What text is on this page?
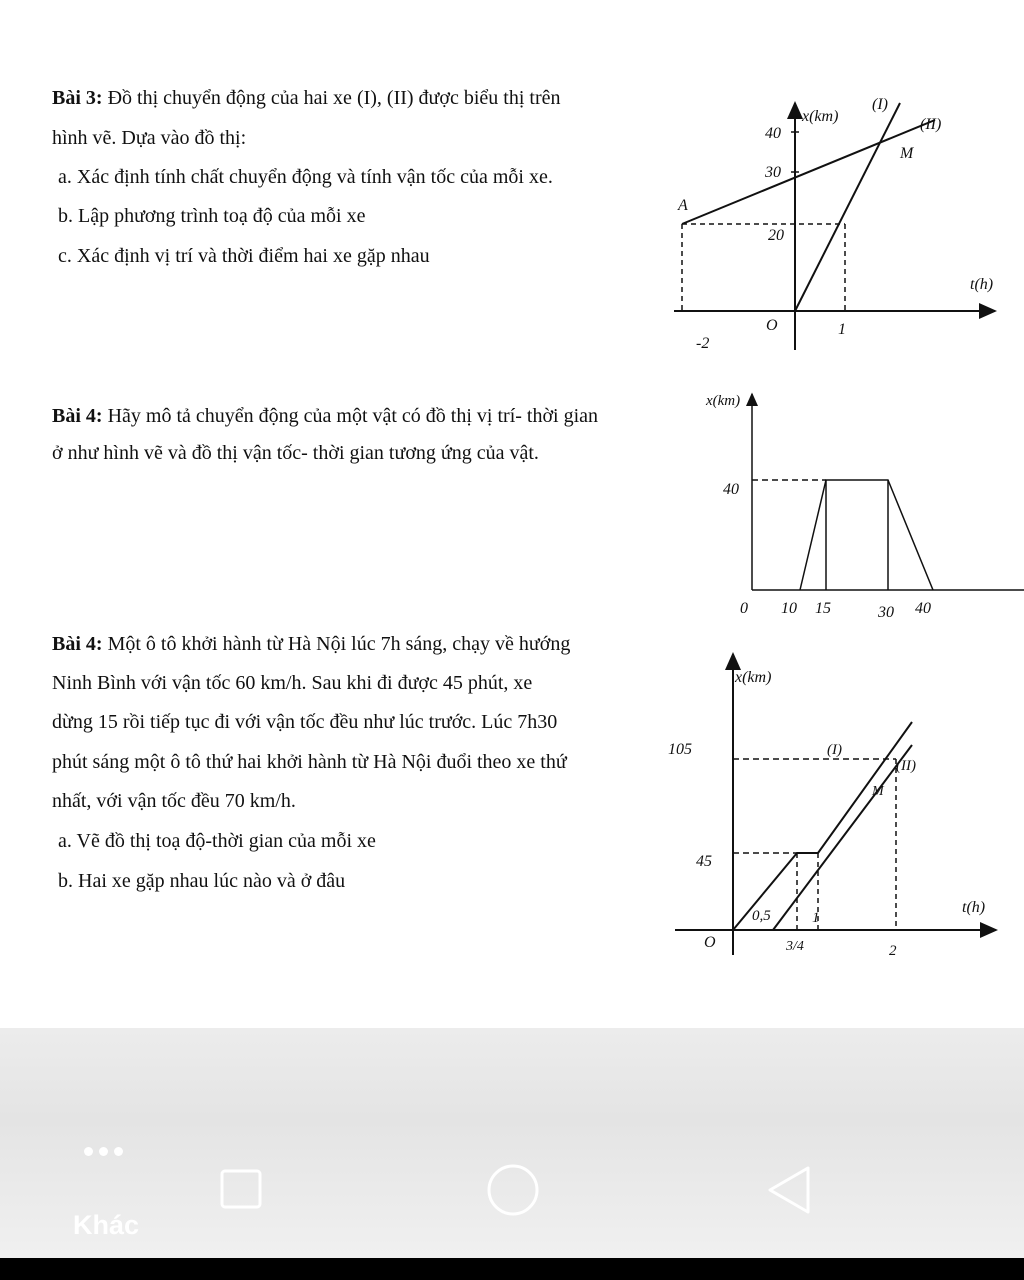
Bài 3: Đồ thị chuyển động của hai xe (I), (II) được biểu thị trên
hình vẽ. Dựa vào đồ thị:
a. Xác định tính chất chuyển động và tính vận tốc của mỗi xe.
b. Lập phương trình toạ độ của mỗi xe
c. Xác định vị trí và thời điểm hai xe gặp nhau
x(km)
(I)
(II)
M
A
40
30
20
t(h)
O	1
-2
Bài 4: Hãy mô tả chuyển động của một vật có đồ thị vị trí- thời gian
ở như hình vẽ và đồ thị vận tốc- thời gian tương ứng của vật.
x(km)
40
0 10 15	30 40
Bài 4: Một ô tô khởi hành từ Hà Nội lúc 7h sáng, chạy về hướng
Ninh Bình với vận tốc 60 km/h. Sau khi đi được 45 phút, xe
dừng 15 rồi tiếp tục đi với vận tốc đều như lúc trước. Lúc 7h30
phút sáng một ô tô thứ hai khởi hành từ Hà Nội đuổi theo xe thứ
nhất, với vận tốc đều 70 km/h.
a. Vẽ đồ thị toạ độ-thời gian của mỗi xe
b. Hai xe gặp nhau lúc nào và ở đâu
x(km)
105
45
(I)
(II)
M
t(h)
O
0,5
3/4
1
2
Khác
